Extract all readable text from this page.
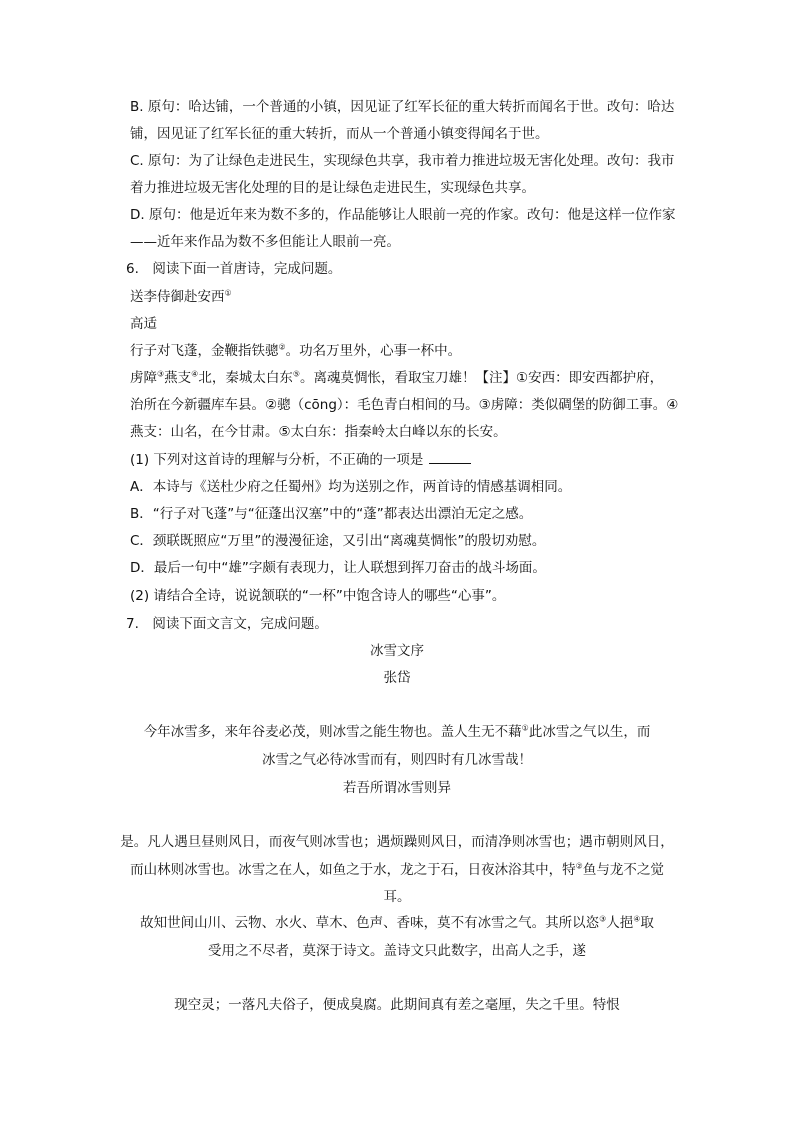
B. 原句：哈达铺，一个普通的小镇，因见证了红军长征的重大转折而闻名于世。改句：哈达
铺，因见证了红军长征的重大转折，而从一个普通小镇变得闻名于世。
C. 原句：为了让绿色走进民生，实现绿色共享，我市着力推进垃圾无害化处理。改句：我市
着力推进垃圾无害化处理的目的是让绿色走进民生，实现绿色共享。
D. 原句：他是近年来为数不多的，作品能够让人眼前一亮的作家。改句：他是这样一位作家
——近年来作品为数不多但能让人眼前一亮。
6.　阅读下面一首唐诗，完成问题。
送李侍御赴安西①
高适
行子对飞蓬，金鞭指铁骢②。功名万里外，心事一杯中。
虏障③燕支④北，秦城太白东⑤。离魂莫惆怅，看取宝刀雄！【注】①安西：即安西都护府，
治所在今新疆库车县。②骢（cōng）：毛色青白相间的马。③虏障：类似碉堡的防御工事。④
燕支：山名，在今甘肃。⑤太白东：指秦岭太白峰以东的长安。
(1) 下列对这首诗的理解与分析，不正确的一项是
A．本诗与《送杜少府之任蜀州》均为送别之作，两首诗的情感基调相同。
B．“行子对飞蓬”与“征蓬出汉塞”中的“蓬”都表达出漂泊无定之感。
C．颈联既照应“万里”的漫漫征途，又引出“离魂莫惆怅”的殷切劝慰。
D．最后一句中“雄”字颇有表现力，让人联想到挥刀奋击的战斗场面。
(2) 请结合全诗，说说颔联的“一杯”中饱含诗人的哪些“心事”。
7.　阅读下面文言文，完成问题。
冰雪文序
张岱
今年冰雪多，来年谷麦必茂，则冰雪之能生物也。盖人生无不藉①此冰雪之气以生，而
冰雪之气必待冰雪而有，则四时有几冰雪哉！
若吾所谓冰雪则异
是。凡人遇旦昼则风日，而夜气则冰雪也；遇烦躁则风日，而清净则冰雪也；遇市朝则风日，
而山林则冰雪也。冰雪之在人，如鱼之于水，龙之于石，日夜沐浴其中，特②鱼与龙不之觉
耳。
故知世间山川、云物、水火、草木、色声、香味，莫不有冰雪之气。其所以恣③人挹④取
受用之不尽者，莫深于诗文。盖诗文只此数字，出高人之手，遂
现空灵；一落凡夫俗子，便成臭腐。此期间真有差之毫厘，失之千里。特恨
